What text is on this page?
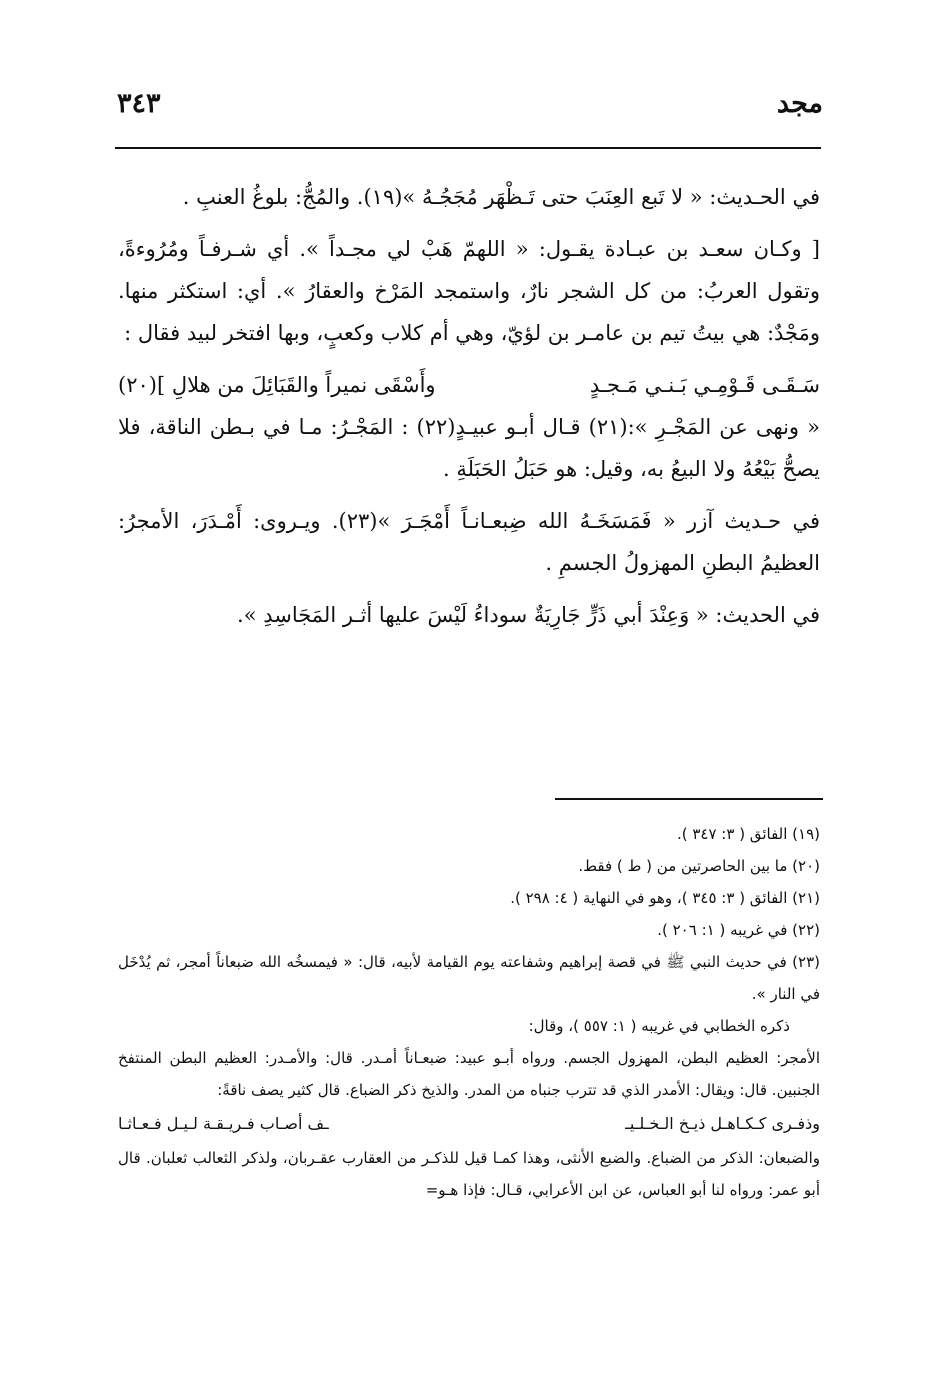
مجد
٣٤٣

في الحـديث: « لا تَبع العِنَبَ حتى تَـظْهَر مُجَجُـهُ »(١٩). والمُجُّ: بلوغُ العنبِ .

[ وكـان سعـد بن عبـادة يقـول: « اللهمّ هَبْ لي مجـداً ». أي شـرفـاً ومُرُوءةً، وتقول العربُ: من كل الشجر نارٌ، واستمجد المَرْخ والعقارُ ». أي: استكثر منها. ومَجْدٌ: هي بيتُ تيم بن عامـر بن لؤيّ، وهي أم كلاب وكعبٍ، وبها افتخر لبيد فقال :

سَـقَـى قَـوْمِـي بَـنـي مَـجـدٍ
وأَسْقَى نميراً والقَبَائِلَ من هلالِ ](٢٠)

« ونهى عن المَجْـرِ »:(٢١) قـال أبـو عبيـدٍ(٢٢) : المَجْـرُ: مـا في بـطن الناقة، فلا يصحُّ بَيْعُهُ ولا البيعُ به، وقيل: هو حَبَلُ الحَبَلَةِ .

في حـديث آزر « فَمَسَخَـهُ الله ضِبعـانـاً أَمْجَـرَ »(٢٣). ويـروى: أَمْـدَرَ، الأمجرُ: العظيمُ البطنِ المهزولُ الجسمِ .

في الحديث: « وَعِنْدَ أبي ذَرٍّ جَارِيَةٌ سوداءُ لَيْسَ عليها أثـر المَجَاسِدِ ».

(١٩) الفائق ( ٣: ٣٤٧ ).

(٢٠) ما بين الحاصرتين من ( ط ) فقط.

(٢١) الفائق ( ٣: ٣٤٥ )، وهو في النهاية ( ٤: ٢٩٨ ).

(٢٢) في غريبه ( ١: ٢٠٦ ).

(٢٣) في حديث النبي ﷺ في قصة إبراهيم وشفاعته يوم القيامة لأبيه، قال: « فيمسخُه الله ضبعاناً أمجر، ثم يُدْخَل في النار ».

ذكره الخطابي في غريبه ( ١: ٥٥٧ )، وقال:

الأمجر: العظيم البطن، المهزول الجسم. ورواه أبـو عبيد: ضبعـاناً أمـدر. قال: والأمـدر: العظيم البطن المنتفخ الجنبين. قال: ويقال: الأمدر الذي قد تترب جنباه من المدر. والذيخ ذكر الضباع. قال كثير يصف ناقةً:

وذفـرى كـكـاهـل ذيـخ الـخـلـيـ
ـف أصـاب فـريـقـة لـيـل فـعـاثـا

والضبعان: الذكر من الضباع. والضبع الأنثى، وهذا كمـا قيل للذكـر من العقارب عقـربان، ولذكر الثعالب ثعلبان. قال أبو عمر: ورواه لنا أبو العباس، عن ابن الأعرابي، قـال: فإذا هـو=
